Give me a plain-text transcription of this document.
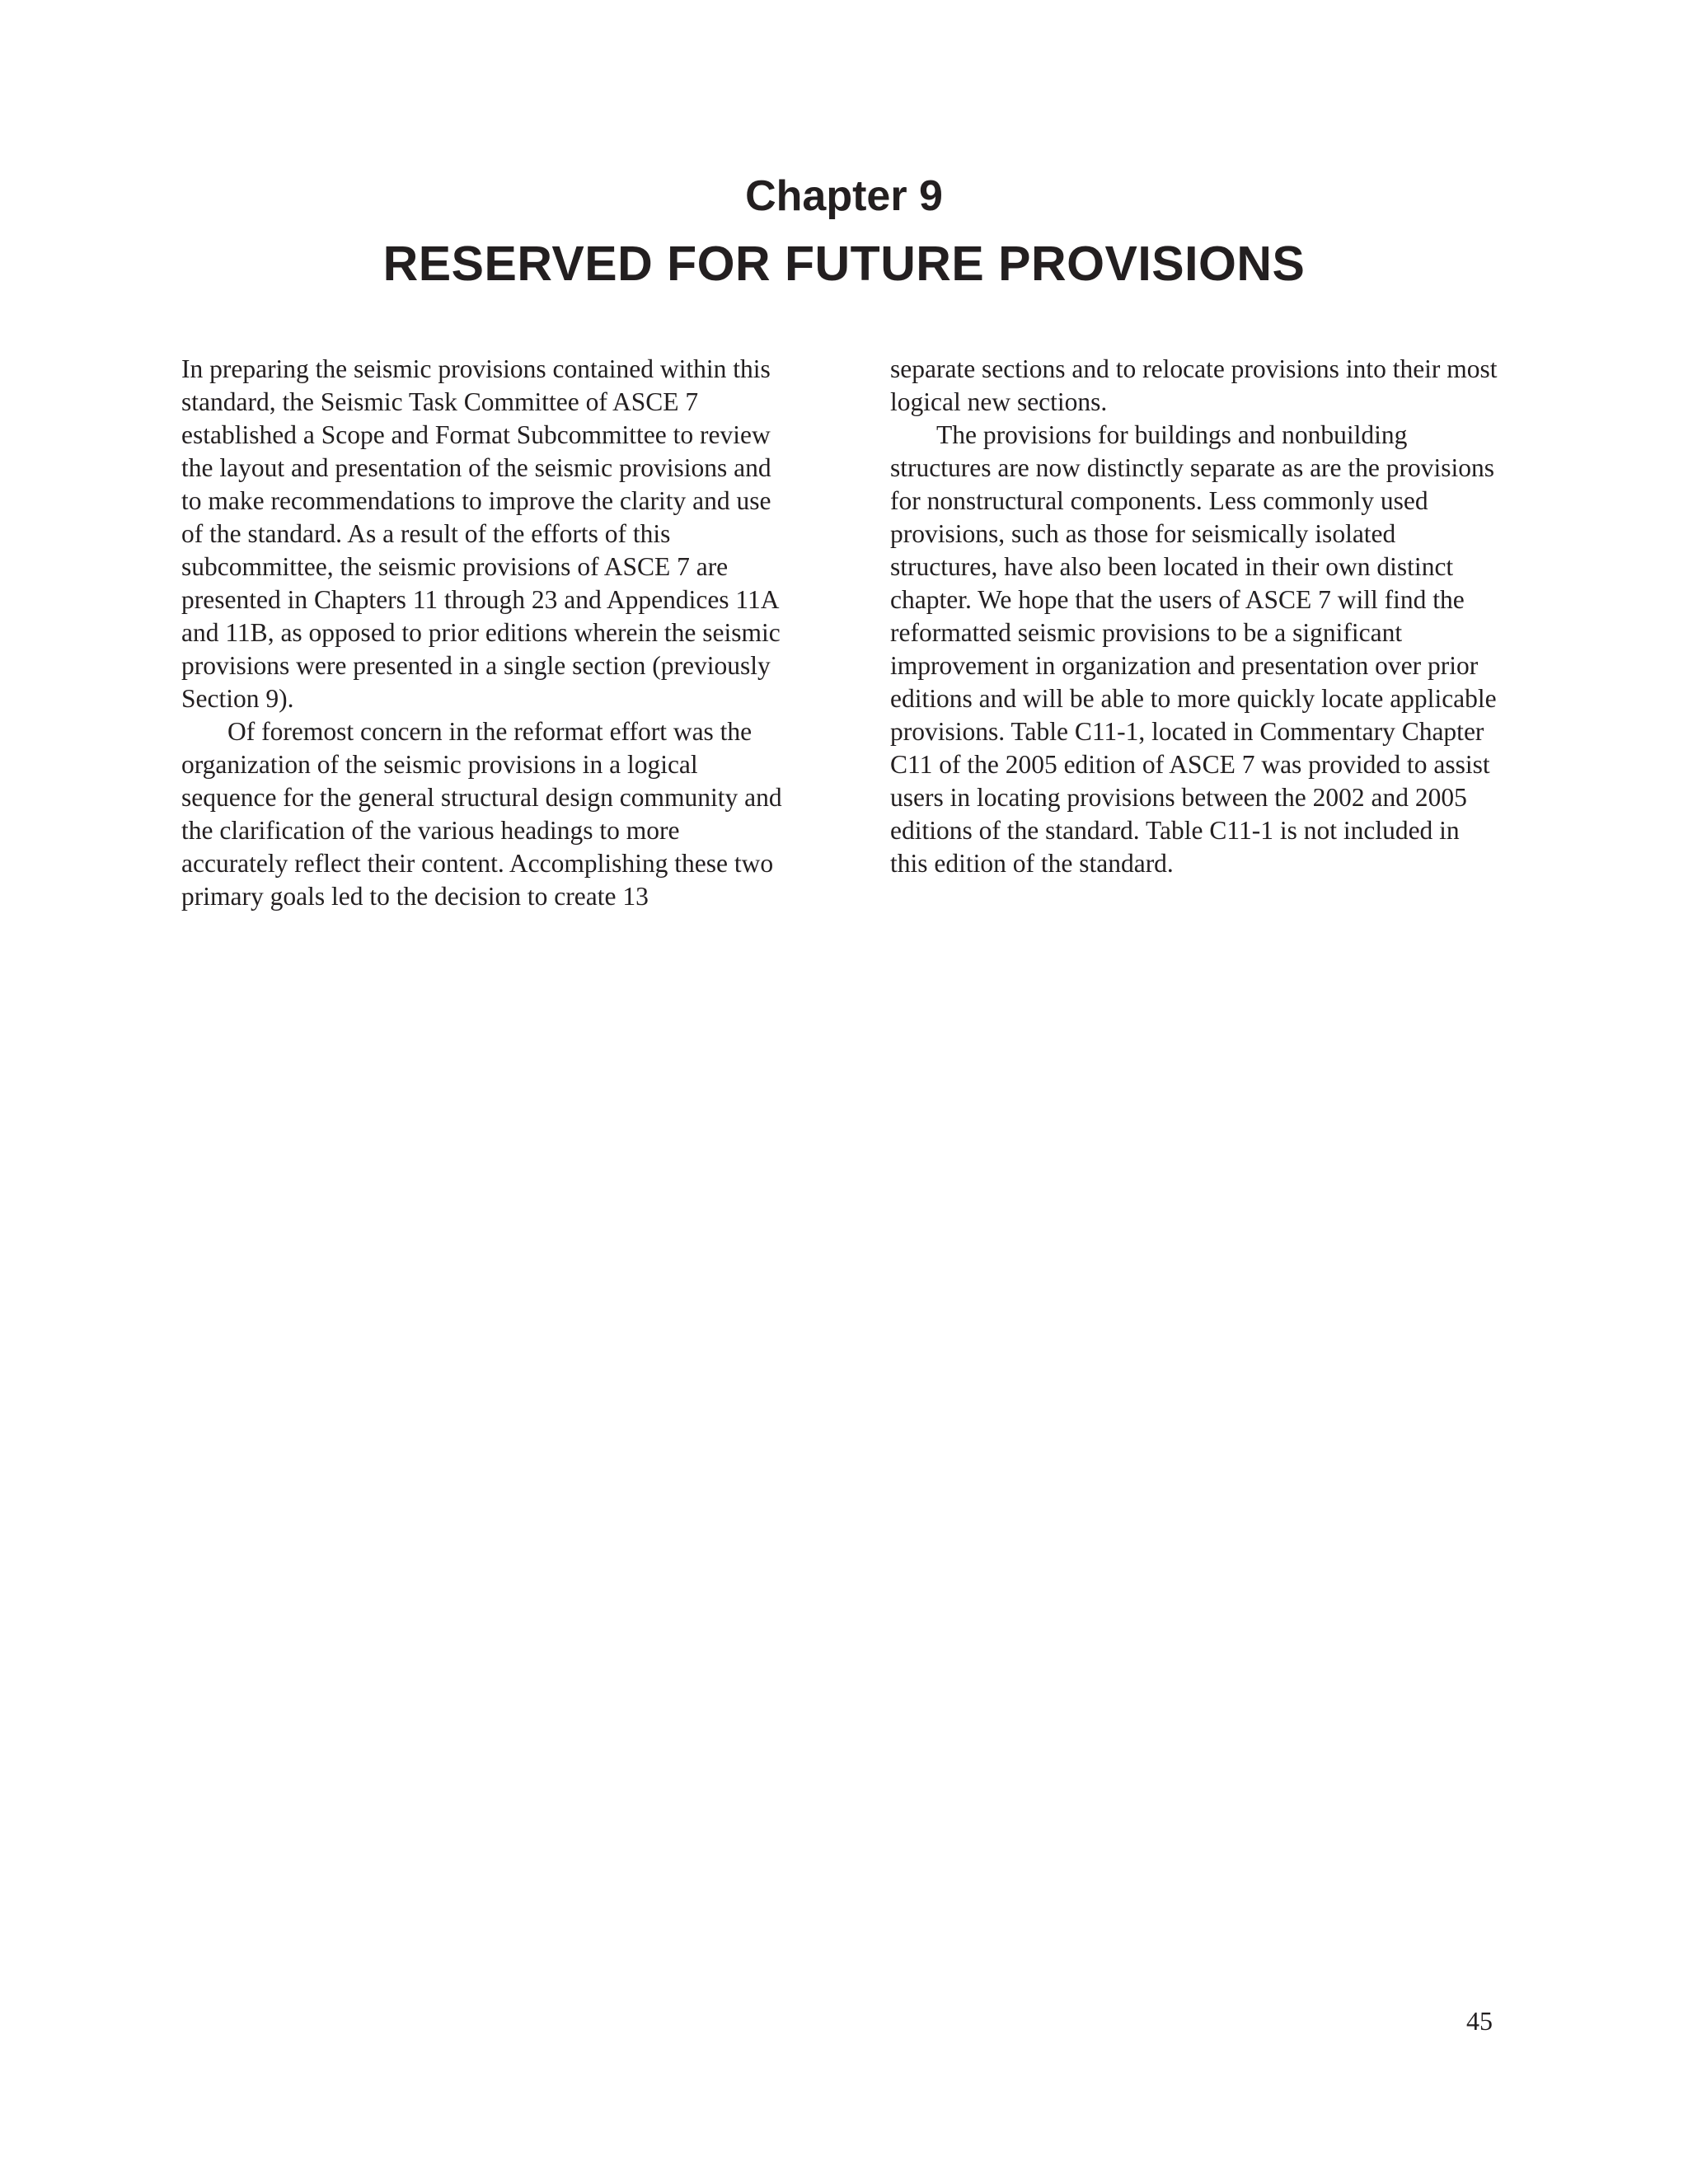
Chapter 9
RESERVED FOR FUTURE PROVISIONS

In preparing the seismic provisions contained within this standard, the Seismic Task Committee of ASCE 7 established a Scope and Format Subcommittee to review the layout and presentation of the seismic provisions and to make recommendations to improve the clarity and use of the standard. As a result of the efforts of this subcommittee, the seismic provisions of ASCE 7 are presented in Chapters 11 through 23 and Appendices 11A and 11B, as opposed to prior editions wherein the seismic provisions were presented in a single section (previously Section 9).

Of foremost concern in the reformat effort was the organization of the seismic provisions in a logical sequence for the general structural design community and the clarification of the various headings to more accurately reflect their content. Accomplishing these two primary goals led to the decision to create 13

separate sections and to relocate provisions into their most logical new sections.

The provisions for buildings and nonbuilding structures are now distinctly separate as are the provisions for nonstructural components. Less commonly used provisions, such as those for seismically isolated structures, have also been located in their own distinct chapter. We hope that the users of ASCE 7 will find the reformatted seismic provisions to be a significant improvement in organization and presentation over prior editions and will be able to more quickly locate applicable provisions. Table C11-1, located in Commentary Chapter C11 of the 2005 edition of ASCE 7 was provided to assist users in locating provisions between the 2002 and 2005 editions of the standard. Table C11-1 is not included in this edition of the standard.

45
